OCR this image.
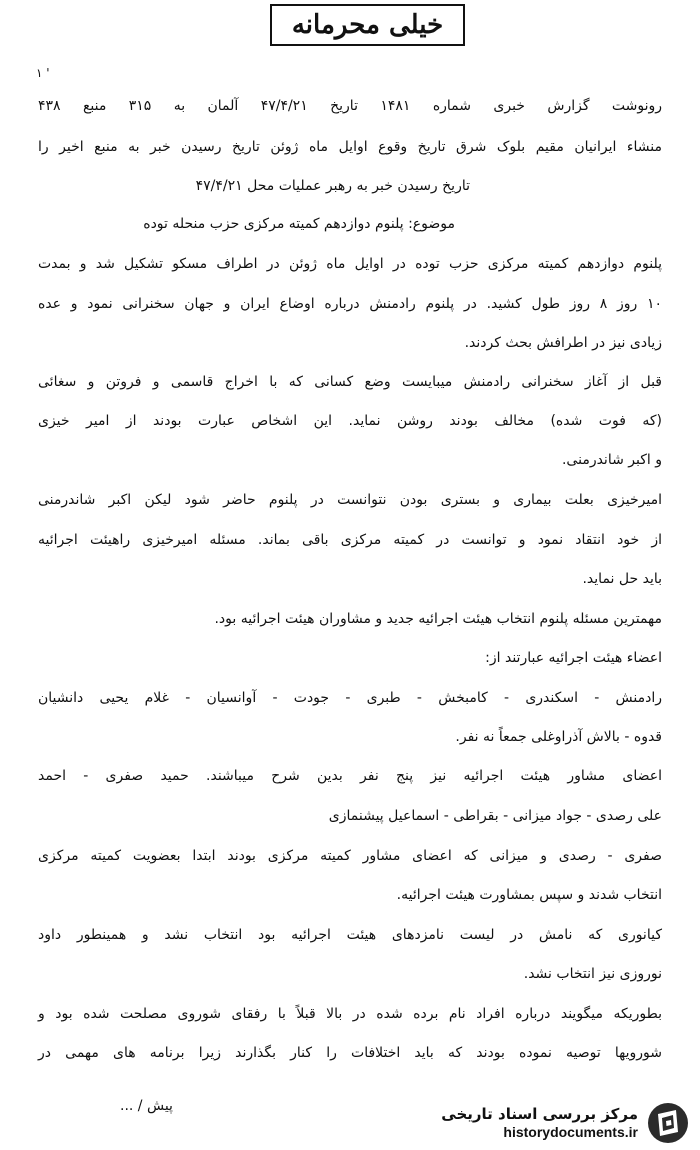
خیلی محرمانه
۱ '
رونوشت گزارش خبری شماره ۱۴۸۱ تاریخ ۴۷/۴/۲۱ آلمان به ۳۱۵ منبع ۴۳۸
منشاء ایرانیان مقیم بلوک شرق تاریخ وقوع اوایل ماه ژوئن تاریخ رسیدن خبر به منبع اخیر را
تاریخ رسیدن خبر به رهبر عملیات محل ۴۷/۴/۲۱
موضوع: پلنوم دوازدهم کمیته مرکزی حزب منحله توده
پلنوم دوازدهم کمیته مرکزی حزب توده در اوایل ماه ژوئن در اطراف مسکو تشکیل شد و بمدت
۱۰ روز ۸ روز طول کشید. در پلنوم رادمنش درباره اوضاع ایران و جهان سخنرانی نمود و عده
زیادی نیز در اطرافش بحث کردند.
قبل از آغاز سخنرانی رادمنش میبایست وضع کسانی که با اخراج قاسمی و فروتن و سغائی
(که فوت شده) مخالف بودند روشن نماید. این اشخاص عبارت بودند از امیر خیزی
و اکبر شاندرمنی.
امیرخیزی بعلت بیماری و بستری بودن نتوانست در پلنوم حاضر شود لیکن اکبر شاندرمنی
از خود انتقاد نمود و توانست در کمیته مرکزی باقی بماند. مسئله امیرخیزی راهیئت اجرائیه
باید حل نماید.
مهمترین مسئله پلنوم انتخاب هیئت اجرائیه جدید و مشاوران هیئت اجرائیه بود.
اعضاء هیئت اجرائیه عبارتند از:
رادمنش - اسکندری - کامبخش - طبری - جودت - آوانسیان - غلام یحیی دانشیان
قدوه - بالاش آذراوغلی جمعاً نه نفر.
اعضای مشاور هیئت اجرائیه نیز پنج نفر بدین شرح میباشند. حمید صفری - احمد
علی رصدی - جواد میزانی - بقراطی - اسماعیل پیشنمازی
صفری - رصدی و میزانی که اعضای مشاور کمیته مرکزی بودند ابتدا بعضویت کمیته مرکزی
انتخاب شدند و سپس بمشاورت هیئت اجرائیه.
کیانوری که نامش در لیست نامزدهای هیئت اجرائیه بود انتخاب نشد و همینطور داود
نوروزی نیز انتخاب نشد.
بطوریکه میگویند درباره افراد نام برده شده در بالا قبلاً با رفقای شوروی مصلحت شده بود و
شورویها توصیه نموده بودند که باید اختلافات را کنار بگذارند زیرا برنامه های مهمی در
پیش / ...	مرکز بررسی اسناد تاریخی
historydocuments.ir
